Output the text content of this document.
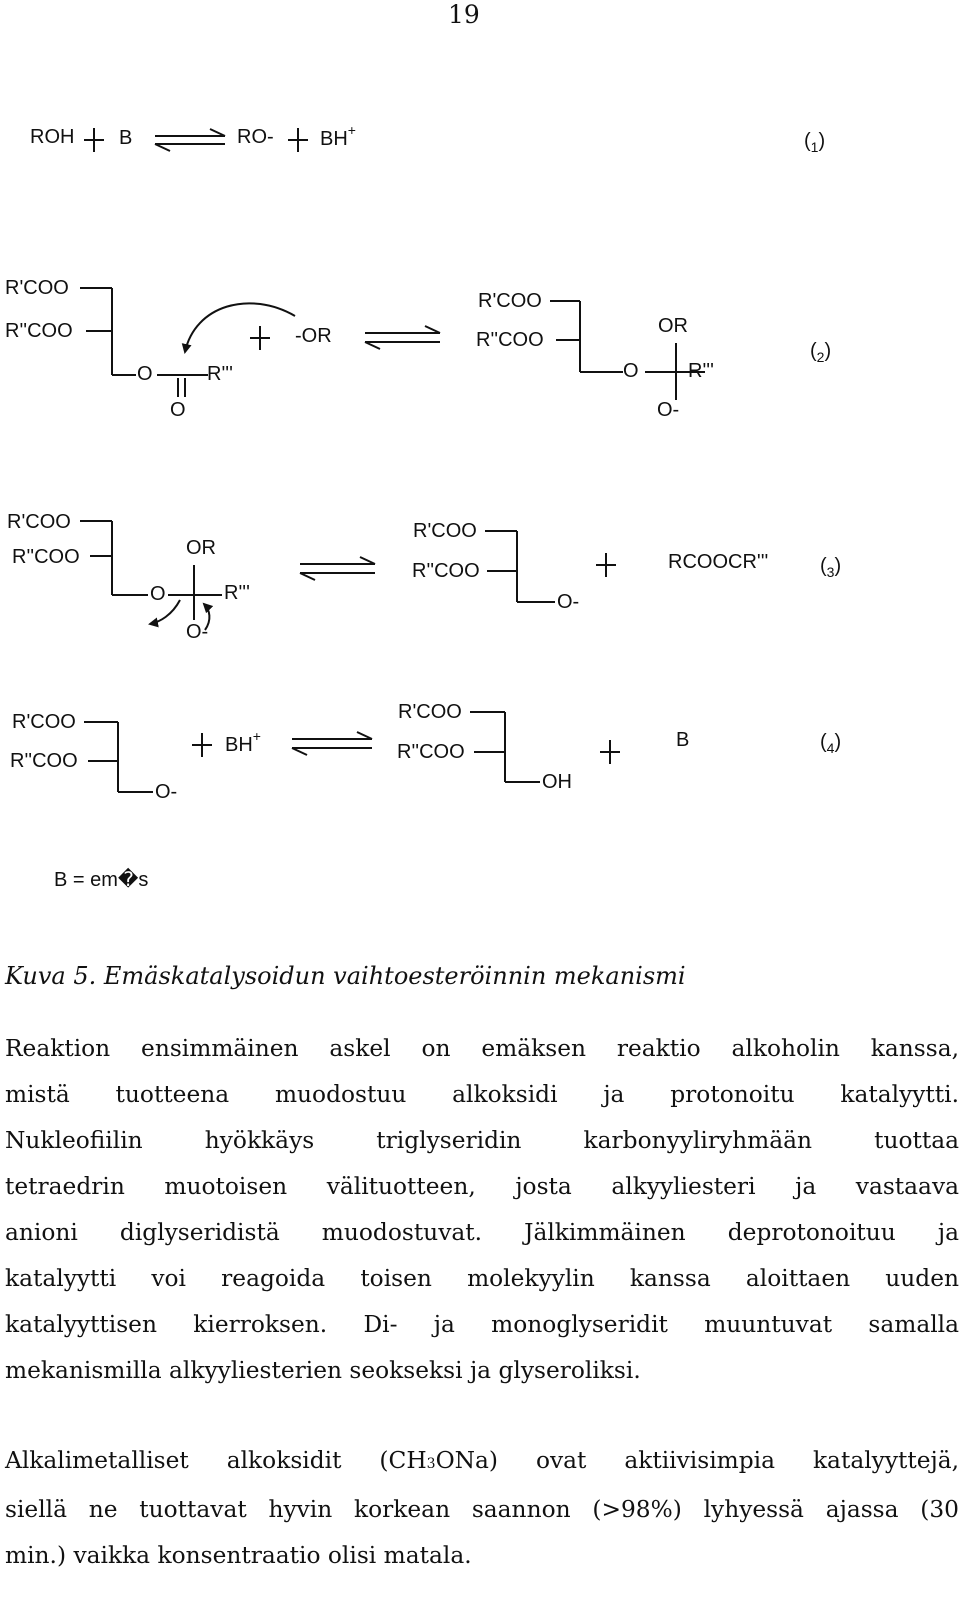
19
ROH B	RO- BH+	$(_1)$
R'COO
R''COO
O	R'''
O
-OR
R'COO
R''COO
OR
O R'''
O-
$(_2)$
R'COO
R''COO	OR
O	R'''
O-
R'COO
R''COO
O-
RCOOCR'''	$(_3)$
R'COO
R''COO
O-
BH+
R'COO
R''COO
OH
B	$(_4)$
B = em�s
Kuva 5. Emäskatalysoidun vaihtoesteröinnin mekanismi
Reaktion ensimmäinen askel on emäksen reaktio alkoholin kanssa,
mistä tuotteena muodostuu alkoksidi ja protonoitu katalyytti.
Nukleofiilin hyökkäys triglyseridin karbonyyliryhmään tuottaa
tetraedrin muotoisen välituotteen, josta alkyyliesteri ja vastaava
anioni diglyseridistä muodostuvat. Jälkimmäinen deprotonoituu ja
katalyytti voi reagoida toisen molekyylin kanssa aloittaen uuden
katalyyttisen kierroksen. Di- ja monoglyseridit muuntuvat samalla
mekanismilla alkyyliesterien seokseksi ja glyseroliksi.
Alkalimetalliset alkoksidit (CH3ONa) ovat aktiivisimpia katalyyttejä,
siellä ne tuottavat hyvin korkean saannon (>98%) lyhyessä ajassa (30
min.) vaikka konsentraatio olisi matala.
